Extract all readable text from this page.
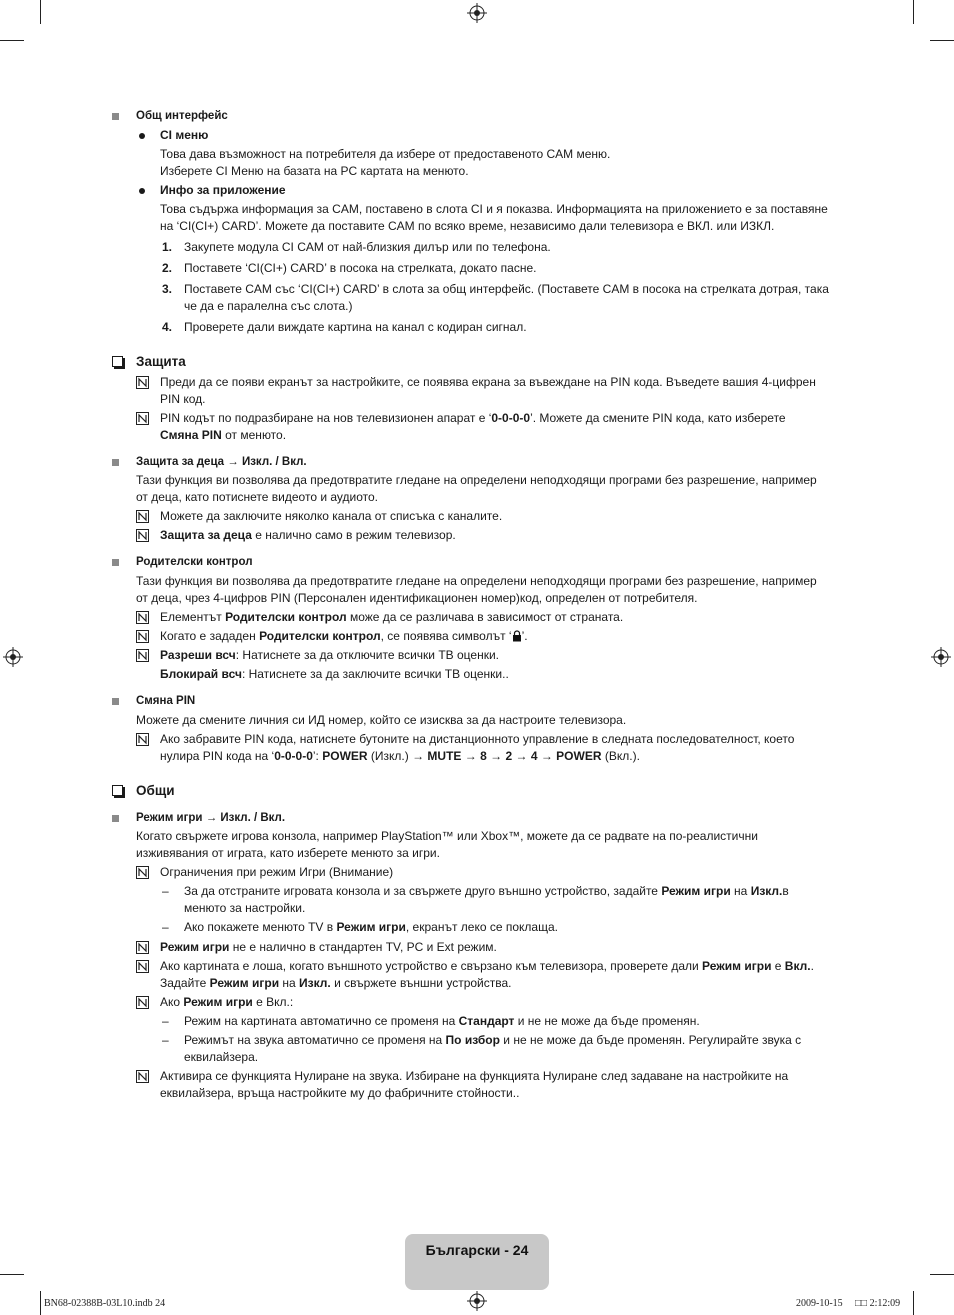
Общ интерфейс
CI меню
Това дава възможност на потребителя да избере от предоставеното CAM меню.
Изберете CI Меню на базата на PC картата на менюто.
Инфо за приложение
Това съдържа информация за CAM, поставено в слота CI и я показва. Информацията на приложението е за поставяне
на ‘CI(CI+) CARD’. Можете да поставите CAM по всяко време, независимо дали телевизора е ВКЛ. или ИЗКЛ.
1. Закупете модула CI CAM от най-близкия дилър или по телефона.
2. Поставете ‘CI(CI+) CARD’ в посока на стрелката, докато пасне.
3. Поставете CAM със ‘CI(CI+) CARD’ в слота за общ интерфейс. (Поставете CAM в посока на стрелката дотрая, така
че да е паралелна със слота.)
4. Проверете дали виждате картина на канал с кодиран сигнал.
Защита
Преди да се появи екранът за настройките, се появява екрана за въвеждане на PIN кода. Въведете вашия 4-цифрен
PIN код.
PIN кодът по подразбиране на нов телевизионен апарат е ‘0-0-0-0’. Можете да смените PIN кода, като изберете
Смяна PIN от менюто.
Защита за деца → Изкл. / Вкл.
Тази функция ви позволява да предотвратите гледане на определени неподходящи програми без разрешение, например
от деца, като потиснете видеото и аудиото.
Можете да заключите няколко канала от списъка с каналите.
Защита за деца е налично само в режим телевизор.
Родителски контрол
Тази функция ви позволява да предотвратите гледане на определени неподходящи програми без разрешение, например
от деца, чрез 4-цифров PIN (Персонален идентификационен номер)код, определен от потребителя.
Елементът Родителски контрол може да се различава в зависимост от страната.
Когато е зададен Родителски контрол, се появява символът ‘ ’.
Разреши всч: Натиснете за да отключите всички ТВ оценки.
Блокирай всч: Натиснете за да заключите всички ТВ оценки..
Смяна PIN
Можете да смените личния си ИД номер, който се изисква за да настроите телевизора.
Ако забравите PIN кода, натиснете бутоните на дистанционното управление в следната последователност, което
нулира PIN кода на ‘0-0-0-0’: POWER (Изкл.) → MUTE → 8 → 2 → 4 → POWER (Вкл.).
Общи
Режим игри → Изкл. / Вкл.
Когато свържете игрова конзола, например PlayStation™ или Xbox™, можете да се радвате на по-реалистични
изживявания от играта, като изберете менюто за игри.
Ограничения при режим Игри (Внимание)
– За да отстраните игровата конзола и за свържете друго външно устройство, задайте Режим игри на Изкл.в
менюто за настройки.
– Ако покажете менюто TV в Режим игри, екранът леко се поклаща.
Режим игри не е налично в стандартен TV, PC и Ext режим.
Ако картината е лоша, когато външното устройство е свързано към телевизора, проверете дали Режим игри е Вкл..
Задайте Режим игри на Изкл. и свържете външни устройства.
Ако Режим игри е Вкл.:
– Режим на картината автоматично се променя на Стандарт и не не може да бъде променян.
– Режимът на звука автоматично се променя на По избор и не не може да бъде променян. Регулирайте звука с
еквилайзера.
Активира се функцията Нулиране на звука. Избиране на функцията Нулиране след задаване на настройките на
еквилайзера, връща настройките му до фабричните стойности..
Български - 24
BN68-02388B-03L10.indb 24	2009-10-15 □□ 2:12:09
